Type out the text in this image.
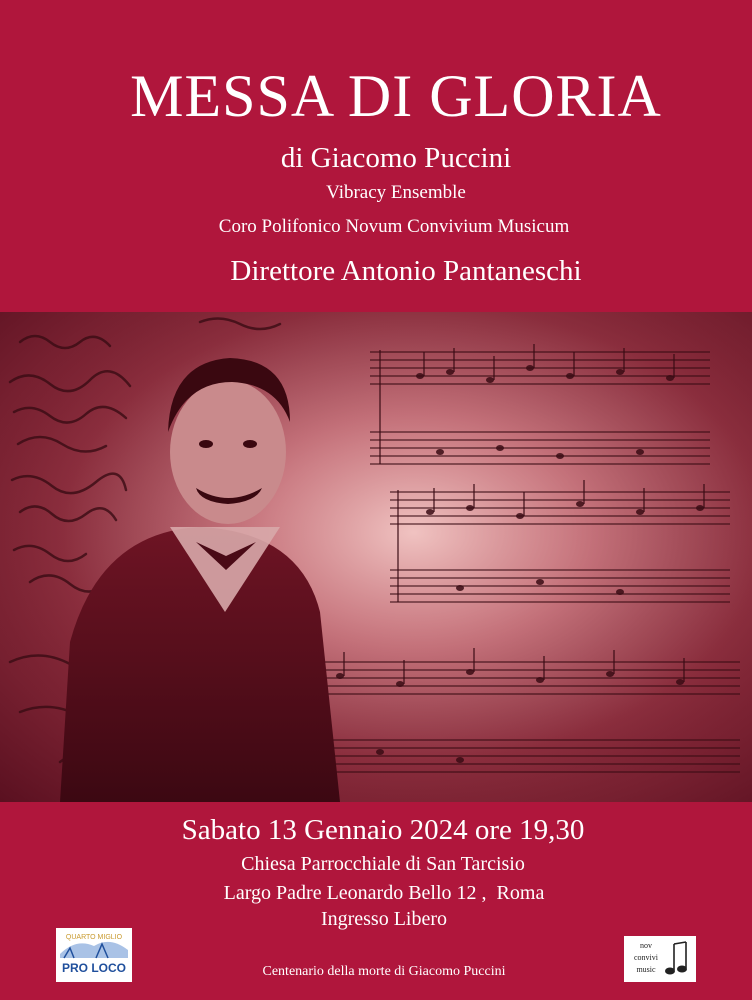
MESSA DI GLORIA
di Giacomo Puccini
Vibracy Ensemble
Coro Polifonico Novum Convivium Musicum
Direttore Antonio Pantaneschi
Sabato 13 Gennaio 2024 ore 19,30
Chiesa Parrocchiale di San Tarcisio
Largo Padre Leonardo Bello 12 ,  Roma
Ingresso Libero
Centenario della morte di Giacomo Puccini
QUARTO MIGLIO
PRO LOCO
nov
convivi
music
